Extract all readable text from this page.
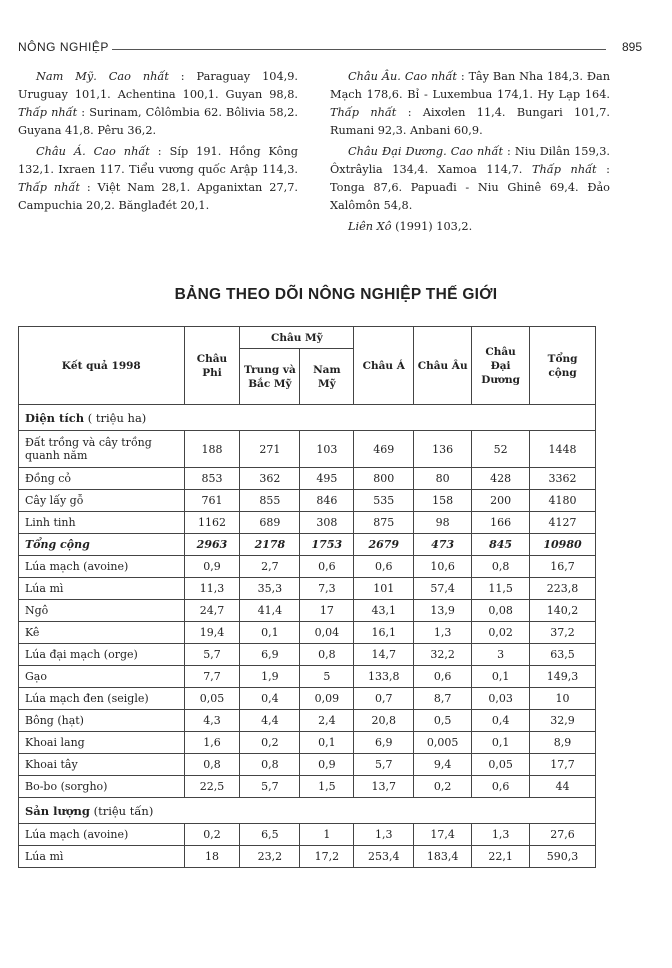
NÔNG NGHIỆP	895

Nam Mỹ. Cao nhất : Paraguay 104,9. Uruguay 101,1. Achentina 100,1. Guyan 98,8. Thấp nhất : Surinam, Côlômbia 62. Bôlivia 58,2. Guyana 41,8. Pêru 36,2.

Châu Á. Cao nhất : Síp 191. Hồng Kông 132,1. Ixraen 117. Tiểu vương quốc Arập 114,3. Thấp nhất : Việt Nam 28,1. Apganixtan 27,7. Campuchia 20,2. Bănglađét 20,1.

Châu Âu. Cao nhất : Tây Ban Nha 184,3. Đan Mạch 178,6. Bỉ - Luxembua 174,1. Hy Lạp 164. Thấp nhất : Aixơlen 11,4. Bungari 101,7. Rumani 92,3. Anbani 60,9.

Châu Đại Dương. Cao nhất : Niu Dilân 159,3. Ôxtrâylia 134,4. Xamoa 114,7. Thấp nhất : Tonga 87,6. Papuađi - Niu Ghinê 69,4. Đảo Xalômôn 54,8.

Liên Xô (1991) 103,2.

BẢNG THEO DÕI NÔNG NGHIỆP THẾ GIỚI
Kết quả 1998	Châu Phi	Châu Mỹ		Châu Á	Châu Âu	Châu Đại Dương	Tổng cộng
		Trung và Bắc Mỹ	Nam Mỹ				
Diện tích ( triệu ha)							
Đất trồng và cây trồng quanh năm	188	271	103	469	136	52	1448
Đồng cỏ	853	362	495	800	80	428	3362
Cây lấy gỗ	761	855	846	535	158	200	4180
Linh tinh	1162	689	308	875	98	166	4127
Tổng cộng	2963	2178	1753	2679	473	845	10980
Lúa mạch (avoine)	0,9	2,7	0,6	0,6	10,6	0,8	16,7
Lúa mì	11,3	35,3	7,3	101	57,4	11,5	223,8
Ngô	24,7	41,4	17	43,1	13,9	0,08	140,2
Kê	19,4	0,1	0,04	16,1	1,3	0,02	37,2
Lúa đại mạch (orge)	5,7	6,9	0,8	14,7	32,2	3	63,5
Gạo	7,7	1,9	5	133,8	0,6	0,1	149,3
Lúa mạch đen (seigle)	0,05	0,4	0,09	0,7	8,7	0,03	10
Bông (hạt)	4,3	4,4	2,4	20,8	0,5	0,4	32,9
Khoai lang	1,6	0,2	0,1	6,9	0,005	0,1	8,9
Khoai tây	0,8	0,8	0,9	5,7	9,4	0,05	17,7
Bo-bo (sorgho)	22,5	5,7	1,5	13,7	0,2	0,6	44
Sản lượng (triệu tấn)							
Lúa mạch (avoine)	0,2	6,5	1	1,3	17,4	1,3	27,6
Lúa mì	18	23,2	17,2	253,4	183,4	22,1	590,3
